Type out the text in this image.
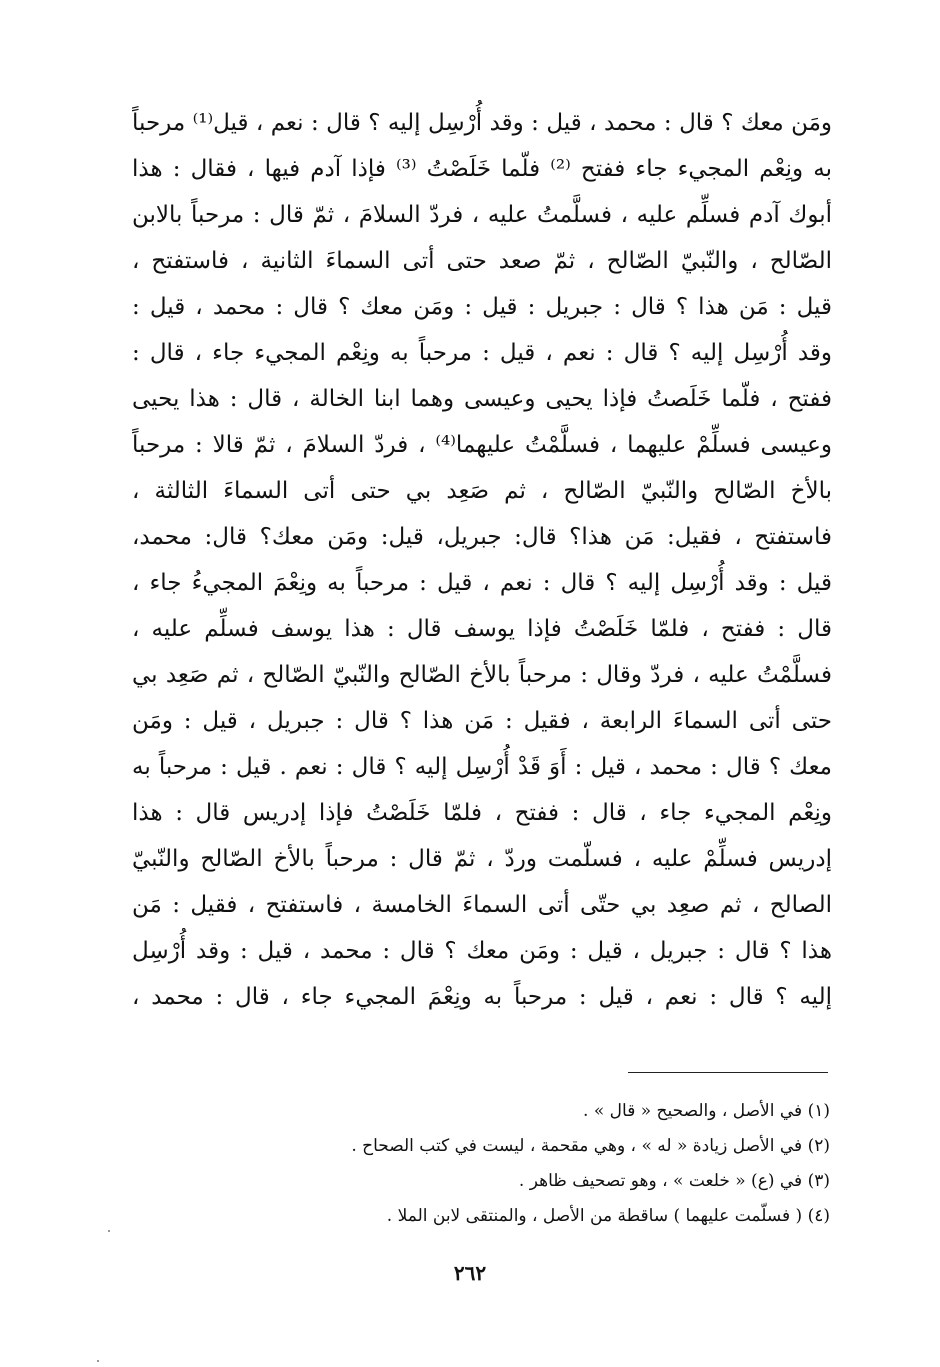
ومَن معك ؟ قال : محمد ، قيل : وقد أُرْسِل إليه ؟ قال : نعم ، قيل⁽¹⁾ مرحباً
به ونِعْم المجيء جاء ففتح ⁽²⁾ فلّما خَلَصْتُ ⁽³⁾ فإذا آدم فيها ، فقال : هذا
أبوك آدم فسلِّم عليه ، فسلَّمتُ عليه ، فردّ السلامَ ، ثمّ قال : مرحباً بالابن
الصّالح ، والنّبيّ الصّالح ، ثمّ صعد حتى أتى السماءَ الثانية ، فاستفتح ،
قيل : مَن هذا ؟ قال : جبريل : قيل : ومَن معك ؟ قال : محمد ، قيل :
وقد أُرْسِل إليه ؟ قال : نعم ، قيل : مرحباً به ونِعْم المجيء جاء ، قال :
ففتح ، فلّما خَلَصتُ فإذا يحيى وعيسى وهما ابنا الخالة ، قال : هذا يحيى
وعيسى فسلِّمْ عليهما ، فسلَّمْتُ عليهما⁽⁴⁾ ، فردّ السلامَ ، ثمّ قالا : مرحباً
بالأخ الصّالح والنّبيّ الصّالح ، ثم صَعِد بي حتى أتى السماءَ الثالثة ،
فاستفتح ، فقيل: مَن هذا؟ قال: جبريل، قيل: ومَن معك؟ قال: محمد،
قيل : وقد أُرْسِل إليه ؟ قال : نعم ، قيل : مرحباً به ونِعْمَ المجيءُ جاء ،
قال : ففتح ، فلمّا خَلَصْتُ فإذا يوسف قال : هذا يوسف فسلِّم عليه ،
فسلَّمْتُ عليه ، فردّ وقال : مرحباً بالأخ الصّالح والنّبيّ الصّالح ، ثم صَعِد بي
حتى أتى السماءَ الرابعة ، فقيل : مَن هذا ؟ قال : جبريل ، قيل : ومَن
معك ؟ قال : محمد ، قيل : أَوَ قَدْ أُرْسِل إليه ؟ قال : نعم . قيل : مرحباً به
ونِعْم المجيء جاء ، قال : ففتح ، فلمّا خَلَصْتُ فإذا إدريس قال : هذا
إدريس فسلِّمْ عليه ، فسلّمت وردّ ، ثمّ قال : مرحباً بالأخ الصّالح والنّبيّ
الصالح ، ثم صعِد بي حتّى أتى السماءَ الخامسة ، فاستفتح ، فقيل : مَن
هذا ؟ قال : جبريل ، قيل : ومَن معك ؟ قال : محمد ، قيل : وقد أُرْسِل
إليه ؟ قال : نعم ، قيل : مرحباً به ونِعْمَ المجيء جاء ، قال : محمد ،
(١) في الأصل ، والصحيح « قال » .
(٢) في الأصل زيادة « له » ، وهي مقحمة ، ليست في كتب الصحاح .
(٣) في (ع) « خلعت » ، وهو تصحيف ظاهر .
(٤) ( فسلّمت عليهما ) ساقطة من الأصل ، والمنتقى لابن الملا .
٢٦٢
